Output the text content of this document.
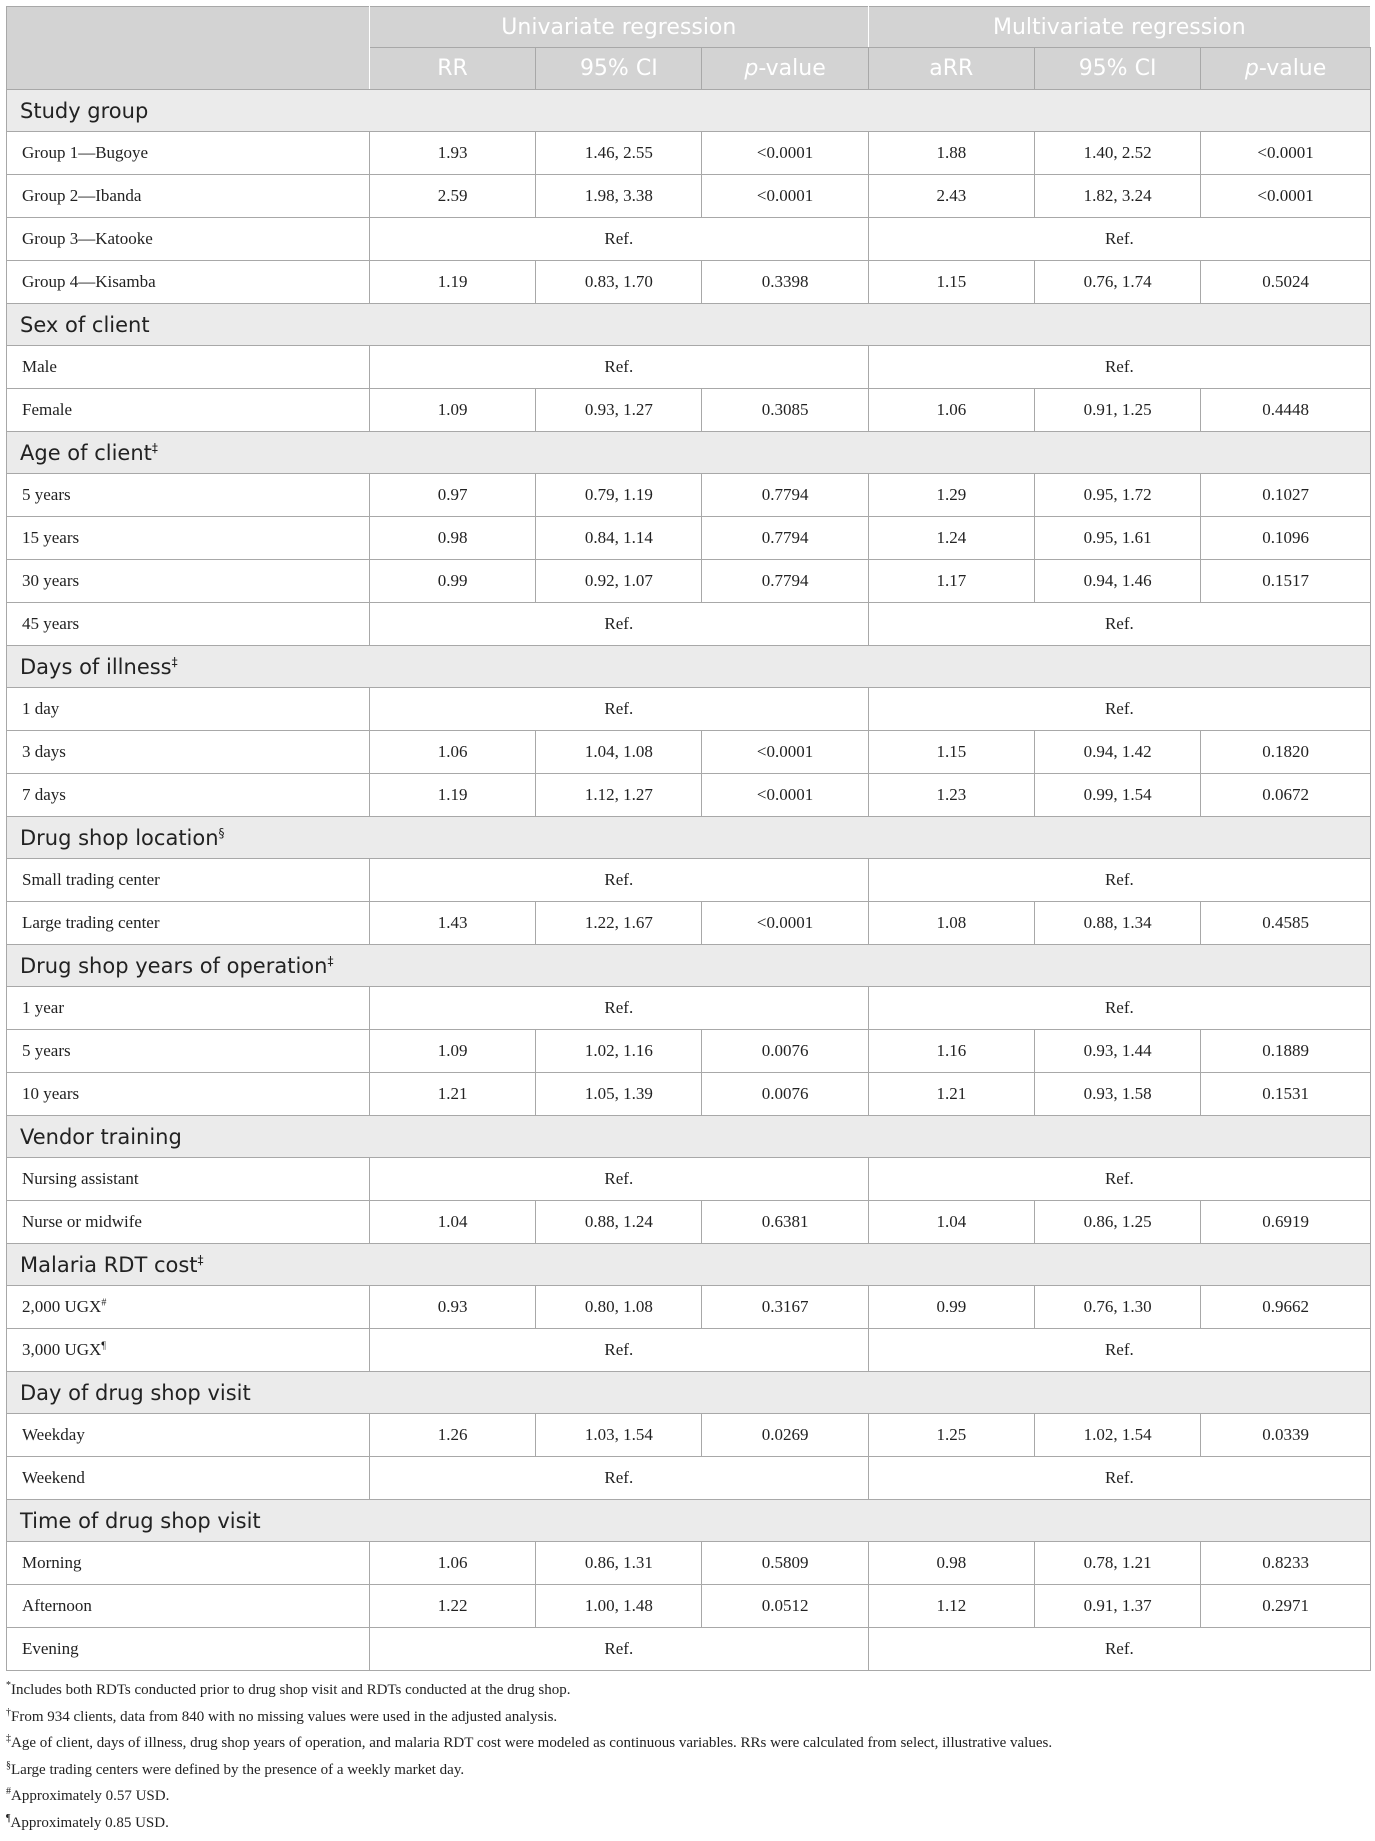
	Univariate regression			Multivariate regression		
	RR	95% CI	p-value	aRR	95% CI	p-value
Study group						
Group 1—Bugoye	1.93	1.46, 2.55	<0.0001	1.88	1.40, 2.52	<0.0001
Group 2—Ibanda	2.59	1.98, 3.38	<0.0001	2.43	1.82, 3.24	<0.0001
Group 3—Katooke	Ref.			Ref.		
Group 4—Kisamba	1.19	0.83, 1.70	0.3398	1.15	0.76, 1.74	0.5024
Sex of client						
Male	Ref.			Ref.		
Female	1.09	0.93, 1.27	0.3085	1.06	0.91, 1.25	0.4448
Age of client‡
5 years	0.97	0.79, 1.19	0.7794	1.29	0.95, 1.72	0.1027
15 years	0.98	0.84, 1.14	0.7794	1.24	0.95, 1.61	0.1096
30 years	0.99	0.92, 1.07	0.7794	1.17	0.94, 1.46	0.1517
45 years	Ref.			Ref.		
Days of illness‡
1 day	Ref.			Ref.		
3 days	1.06	1.04, 1.08	<0.0001	1.15	0.94, 1.42	0.1820
7 days	1.19	1.12, 1.27	<0.0001	1.23	0.99, 1.54	0.0672
Drug shop location§
Small trading center	Ref.			Ref.		
Large trading center	1.43	1.22, 1.67	<0.0001	1.08	0.88, 1.34	0.4585
Drug shop years of operation‡
1 year	Ref.			Ref.		
5 years	1.09	1.02, 1.16	0.0076	1.16	0.93, 1.44	0.1889
10 years	1.21	1.05, 1.39	0.0076	1.21	0.93, 1.58	0.1531
Vendor training						
Nursing assistant	Ref.			Ref.		
Nurse or midwife	1.04	0.88, 1.24	0.6381	1.04	0.86, 1.25	0.6919
Malaria RDT cost‡
2,000 UGX#	0.93	0.80, 1.08	0.3167	0.99	0.76, 1.30	0.9662
3,000 UGX¶	Ref.			Ref.		
Day of drug shop visit						
Weekday	1.26	1.03, 1.54	0.0269	1.25	1.02, 1.54	0.0339
Weekend	Ref.			Ref.		
Time of drug shop visit						
Morning	1.06	0.86, 1.31	0.5809	0.98	0.78, 1.21	0.8233
Afternoon	1.22	1.00, 1.48	0.0512	1.12	0.91, 1.37	0.2971
Evening	Ref.			Ref.		
*Includes both RDTs conducted prior to drug shop visit and RDTs conducted at the drug shop.
†From 934 clients, data from 840 with no missing values were used in the adjusted analysis.
‡Age of client, days of illness, drug shop years of operation, and malaria RDT cost were modeled as continuous variables. RRs were calculated from select, illustrative values.
§Large trading centers were defined by the presence of a weekly market day.
#Approximately 0.57 USD.
¶Approximately 0.85 USD.
